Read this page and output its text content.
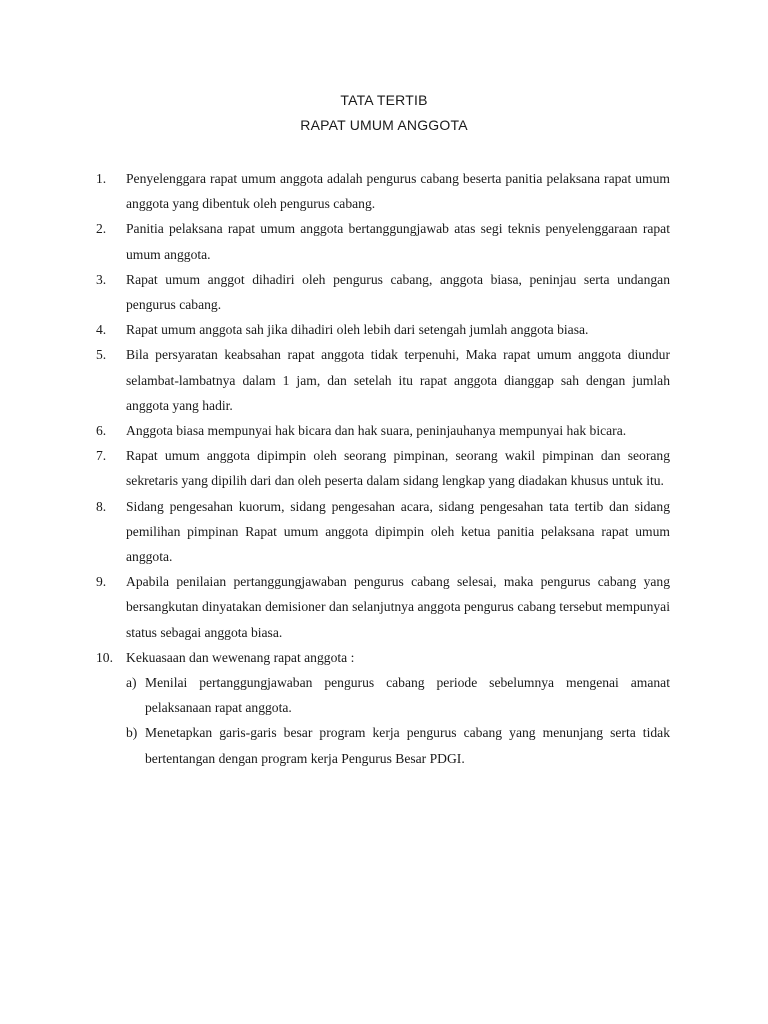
TATA TERTIB
RAPAT UMUM ANGGOTA
1.	Penyelenggara rapat umum anggota adalah pengurus cabang beserta panitia pelaksana rapat umum anggota yang dibentuk oleh pengurus cabang.
2.	Panitia pelaksana rapat umum anggota bertanggungjawab atas segi teknis penyelenggaraan rapat umum anggota.
3.	Rapat umum anggot dihadiri oleh pengurus cabang, anggota biasa, peninjau serta undangan pengurus cabang.
4.	Rapat umum anggota sah jika dihadiri oleh lebih dari setengah jumlah anggota biasa.
5.	Bila persyaratan keabsahan rapat anggota tidak terpenuhi, Maka rapat umum anggota diundur selambat-lambatnya dalam 1 jam, dan setelah itu rapat anggota dianggap sah dengan jumlah anggota yang hadir.
6.	Anggota biasa mempunyai hak bicara dan hak suara, peninjauhanya mempunyai hak bicara.
7.	Rapat umum anggota dipimpin oleh seorang pimpinan, seorang wakil pimpinan dan seorang sekretaris yang dipilih dari dan oleh peserta dalam sidang lengkap yang diadakan khusus untuk itu.
8.	Sidang pengesahan kuorum, sidang pengesahan acara, sidang pengesahan tata tertib dan sidang pemilihan pimpinan Rapat umum anggota dipimpin oleh ketua panitia pelaksana rapat umum anggota.
9.	Apabila penilaian pertanggungjawaban pengurus cabang selesai, maka pengurus cabang yang bersangkutan dinyatakan demisioner dan selanjutnya anggota pengurus cabang tersebut mempunyai status sebagai anggota biasa.
10. Kekuasaan dan wewenang rapat anggota :
a) Menilai pertanggungjawaban pengurus cabang periode sebelumnya mengenai amanat pelaksanaan rapat anggota.
b) Menetapkan garis-garis besar program kerja pengurus cabang yang menunjang serta tidak bertentangan dengan program kerja Pengurus Besar PDGI.
